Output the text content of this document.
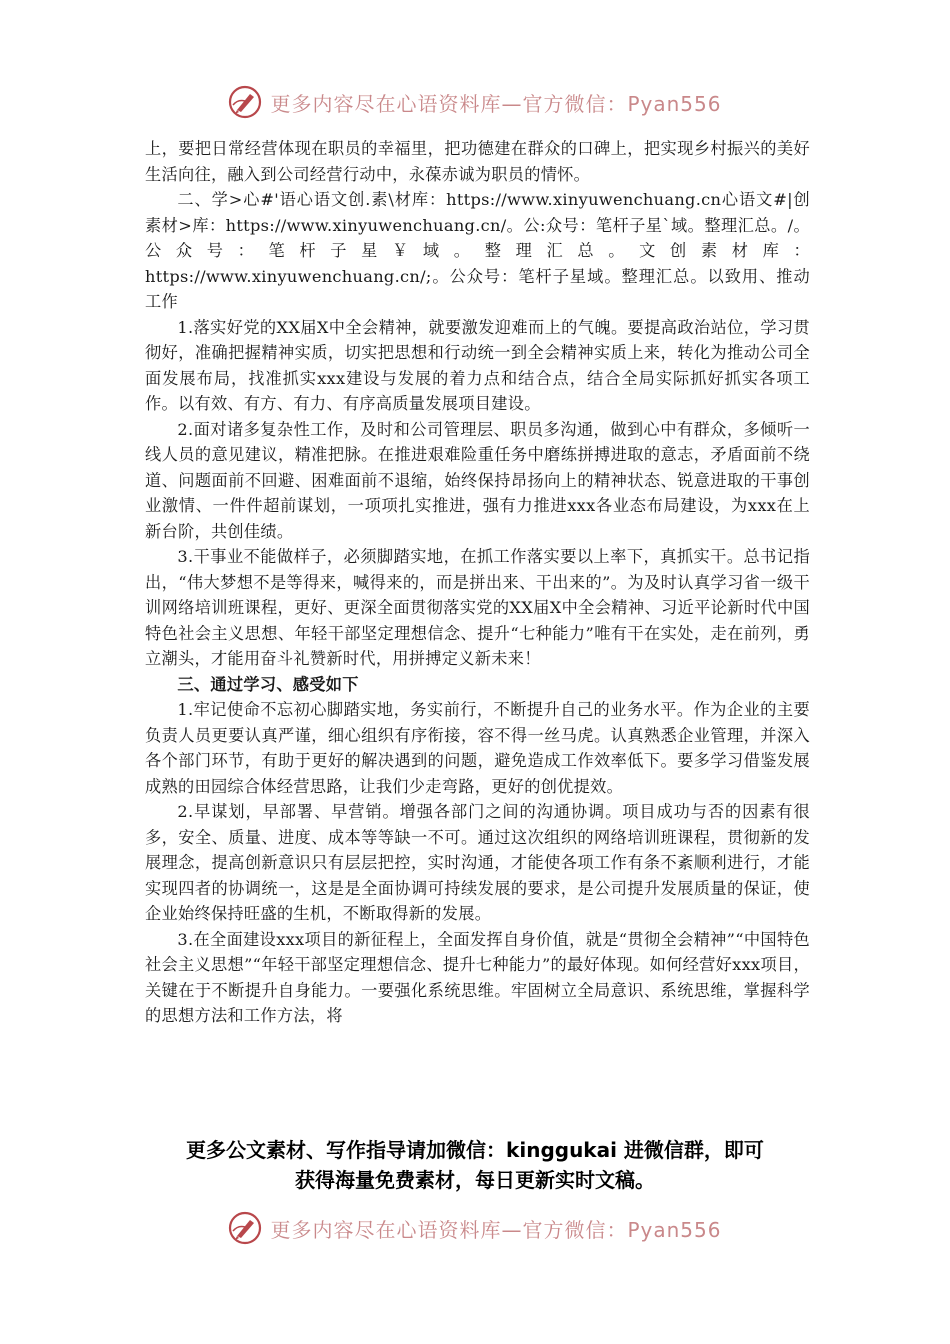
更多内容尽在心语资料库—官方微信：Pyan556

上，要把日常经营体现在职员的幸福里，把功德建在群众的口碑上，把实现乡村振兴的美好生活向往，融入到公司经营行动中，永葆赤诚为职员的情怀。

二、学>心#'语心语文创.素\材库：https://www.xinyuwenchuang.cn心语文#|创素材>库：https://www.xinyuwenchuang.cn/。公:众号：笔杆子星`域。整理汇总。/。公众号：笔杆子星￥域。整理汇总。文创素材库：https://www.xinyuwenchuang.cn/;。公众号：笔杆子星域。整理汇总。以致用、推动工作

1.落实好党的XX届X中全会精神，就要激发迎难而上的气魄。要提高政治站位，学习贯彻好，准确把握精神实质，切实把思想和行动统一到全会精神实质上来，转化为推动公司全面发展布局，找准抓实xxx建设与发展的着力点和结合点，结合全局实际抓好抓实各项工作。以有效、有方、有力、有序高质量发展项目建设。

2.面对诸多复杂性工作，及时和公司管理层、职员多沟通，做到心中有群众，多倾听一线人员的意见建议，精准把脉。在推进艰难险重任务中磨练拼搏进取的意志，矛盾面前不绕道、问题面前不回避、困难面前不退缩，始终保持昂扬向上的精神状态、锐意进取的干事创业激情、一件件超前谋划，一项项扎实推进，强有力推进xxx各业态布局建设，为xxx在上新台阶，共创佳绩。

3.干事业不能做样子，必须脚踏实地，在抓工作落实要以上率下，真抓实干。总书记指出，“伟大梦想不是等得来，喊得来的，而是拼出来、干出来的”。为及时认真学习省一级干训网络培训班课程，更好、更深全面贯彻落实党的XX届X中全会精神、习近平论新时代中国特色社会主义思想、年轻干部坚定理想信念、提升“七种能力”唯有干在实处，走在前列，勇立潮头，才能用奋斗礼赞新时代，用拼搏定义新未来！

三、通过学习、感受如下

1.牢记使命不忘初心脚踏实地，务实前行，不断提升自己的业务水平。作为企业的主要负责人员更要认真严谨，细心组织有序衔接，容不得一丝马虎。认真熟悉企业管理，并深入各个部门环节，有助于更好的解决遇到的问题，避免造成工作效率低下。要多学习借鉴发展成熟的田园综合体经营思路，让我们少走弯路，更好的创优提效。

2.早谋划，早部署、早营销。增强各部门之间的沟通协调。项目成功与否的因素有很多，安全、质量、进度、成本等等缺一不可。通过这次组织的网络培训班课程，贯彻新的发展理念，提高创新意识只有层层把控，实时沟通，才能使各项工作有条不紊顺利进行，才能实现四者的协调统一，这是是全面协调可持续发展的要求，是公司提升发展质量的保证，使企业始终保持旺盛的生机，不断取得新的发展。

3.在全面建设xxx项目的新征程上，全面发挥自身价值，就是“贯彻全会精神”“中国特色社会主义思想”“年轻干部坚定理想信念、提升七种能力”的最好体现。如何经营好xxx项目，关键在于不断提升自身能力。一要强化系统思维。牢固树立全局意识、系统思维，掌握科学的思想方法和工作方法，将

更多公文素材、写作指导请加微信：kinggukai 进微信群，即可
获得海量免费素材，每日更新实时文稿。
更多内容尽在心语资料库—官方微信：Pyan556
